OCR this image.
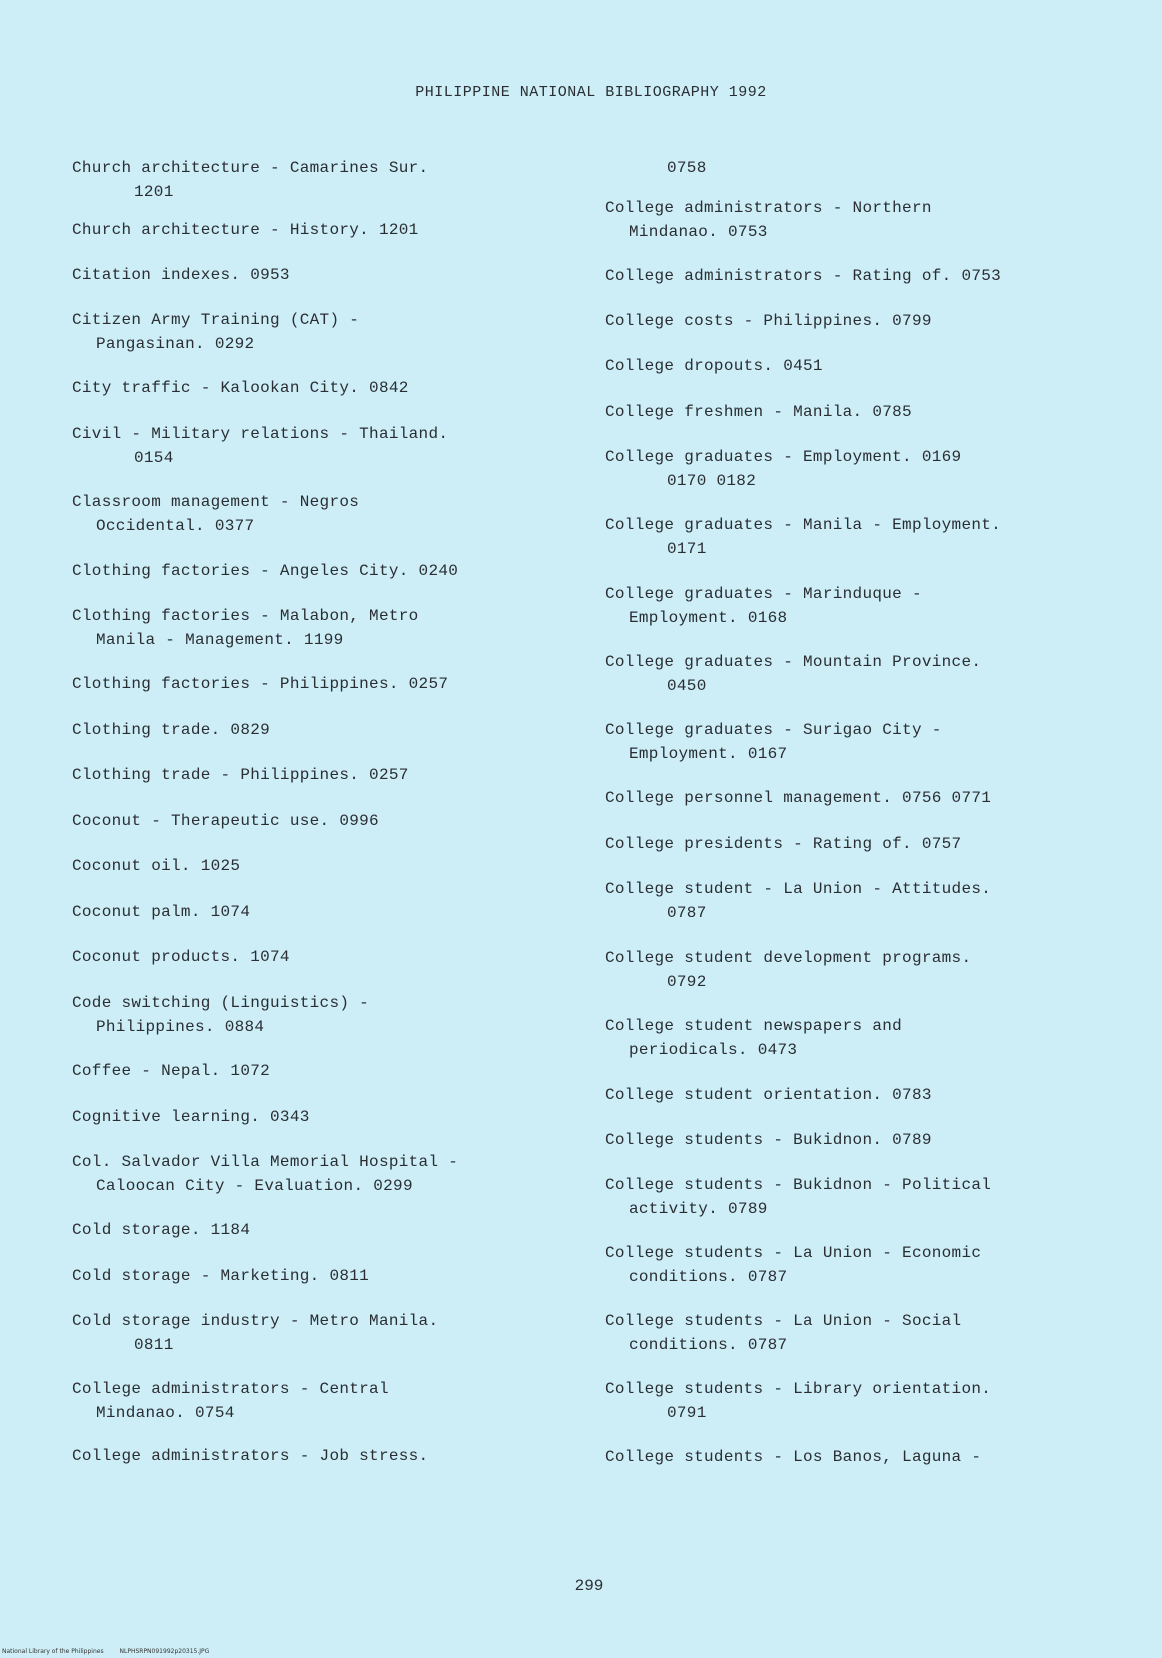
PHILIPPINE NATIONAL BIBLIOGRAPHY 1992
Church architecture - Camarines Sur.
1201
Church architecture - History. 1201
Citation indexes. 0953
Citizen Army Training (CAT) -
Pangasinan. 0292
City traffic - Kalookan City. 0842
Civil - Military relations - Thailand.
0154
Classroom management - Negros
Occidental. 0377
Clothing factories - Angeles City. 0240
Clothing factories - Malabon, Metro
Manila - Management. 1199
Clothing factories - Philippines. 0257
Clothing trade. 0829
Clothing trade - Philippines. 0257
Coconut - Therapeutic use. 0996
Coconut oil. 1025
Coconut palm. 1074
Coconut products. 1074
Code switching (Linguistics) -
Philippines. 0884
Coffee - Nepal. 1072
Cognitive learning. 0343
Col. Salvador Villa Memorial Hospital -
Caloocan City - Evaluation. 0299
Cold storage. 1184
Cold storage - Marketing. 0811
Cold storage industry - Metro Manila.
0811
College administrators - Central
Mindanao. 0754
College administrators - Job stress.
0758
College administrators - Northern
Mindanao. 0753
College administrators - Rating of. 0753
College costs - Philippines. 0799
College dropouts. 0451
College freshmen - Manila. 0785
College graduates - Employment. 0169
0170 0182
College graduates - Manila - Employment.
0171
College graduates - Marinduque -
Employment. 0168
College graduates - Mountain Province.
0450
College graduates - Surigao City -
Employment. 0167
College personnel management. 0756 0771
College presidents - Rating of. 0757
College student - La Union - Attitudes.
0787
College student development programs.
0792
College student newspapers and
periodicals. 0473
College student orientation. 0783
College students - Bukidnon. 0789
College students - Bukidnon - Political
activity. 0789
College students - La Union - Economic
conditions. 0787
College students - La Union - Social
conditions. 0787
College students - Library orientation.
0791
College students - Los Banos, Laguna -
299
National Library of the Philippines	NLPHSRPN091992p20315.JPG
